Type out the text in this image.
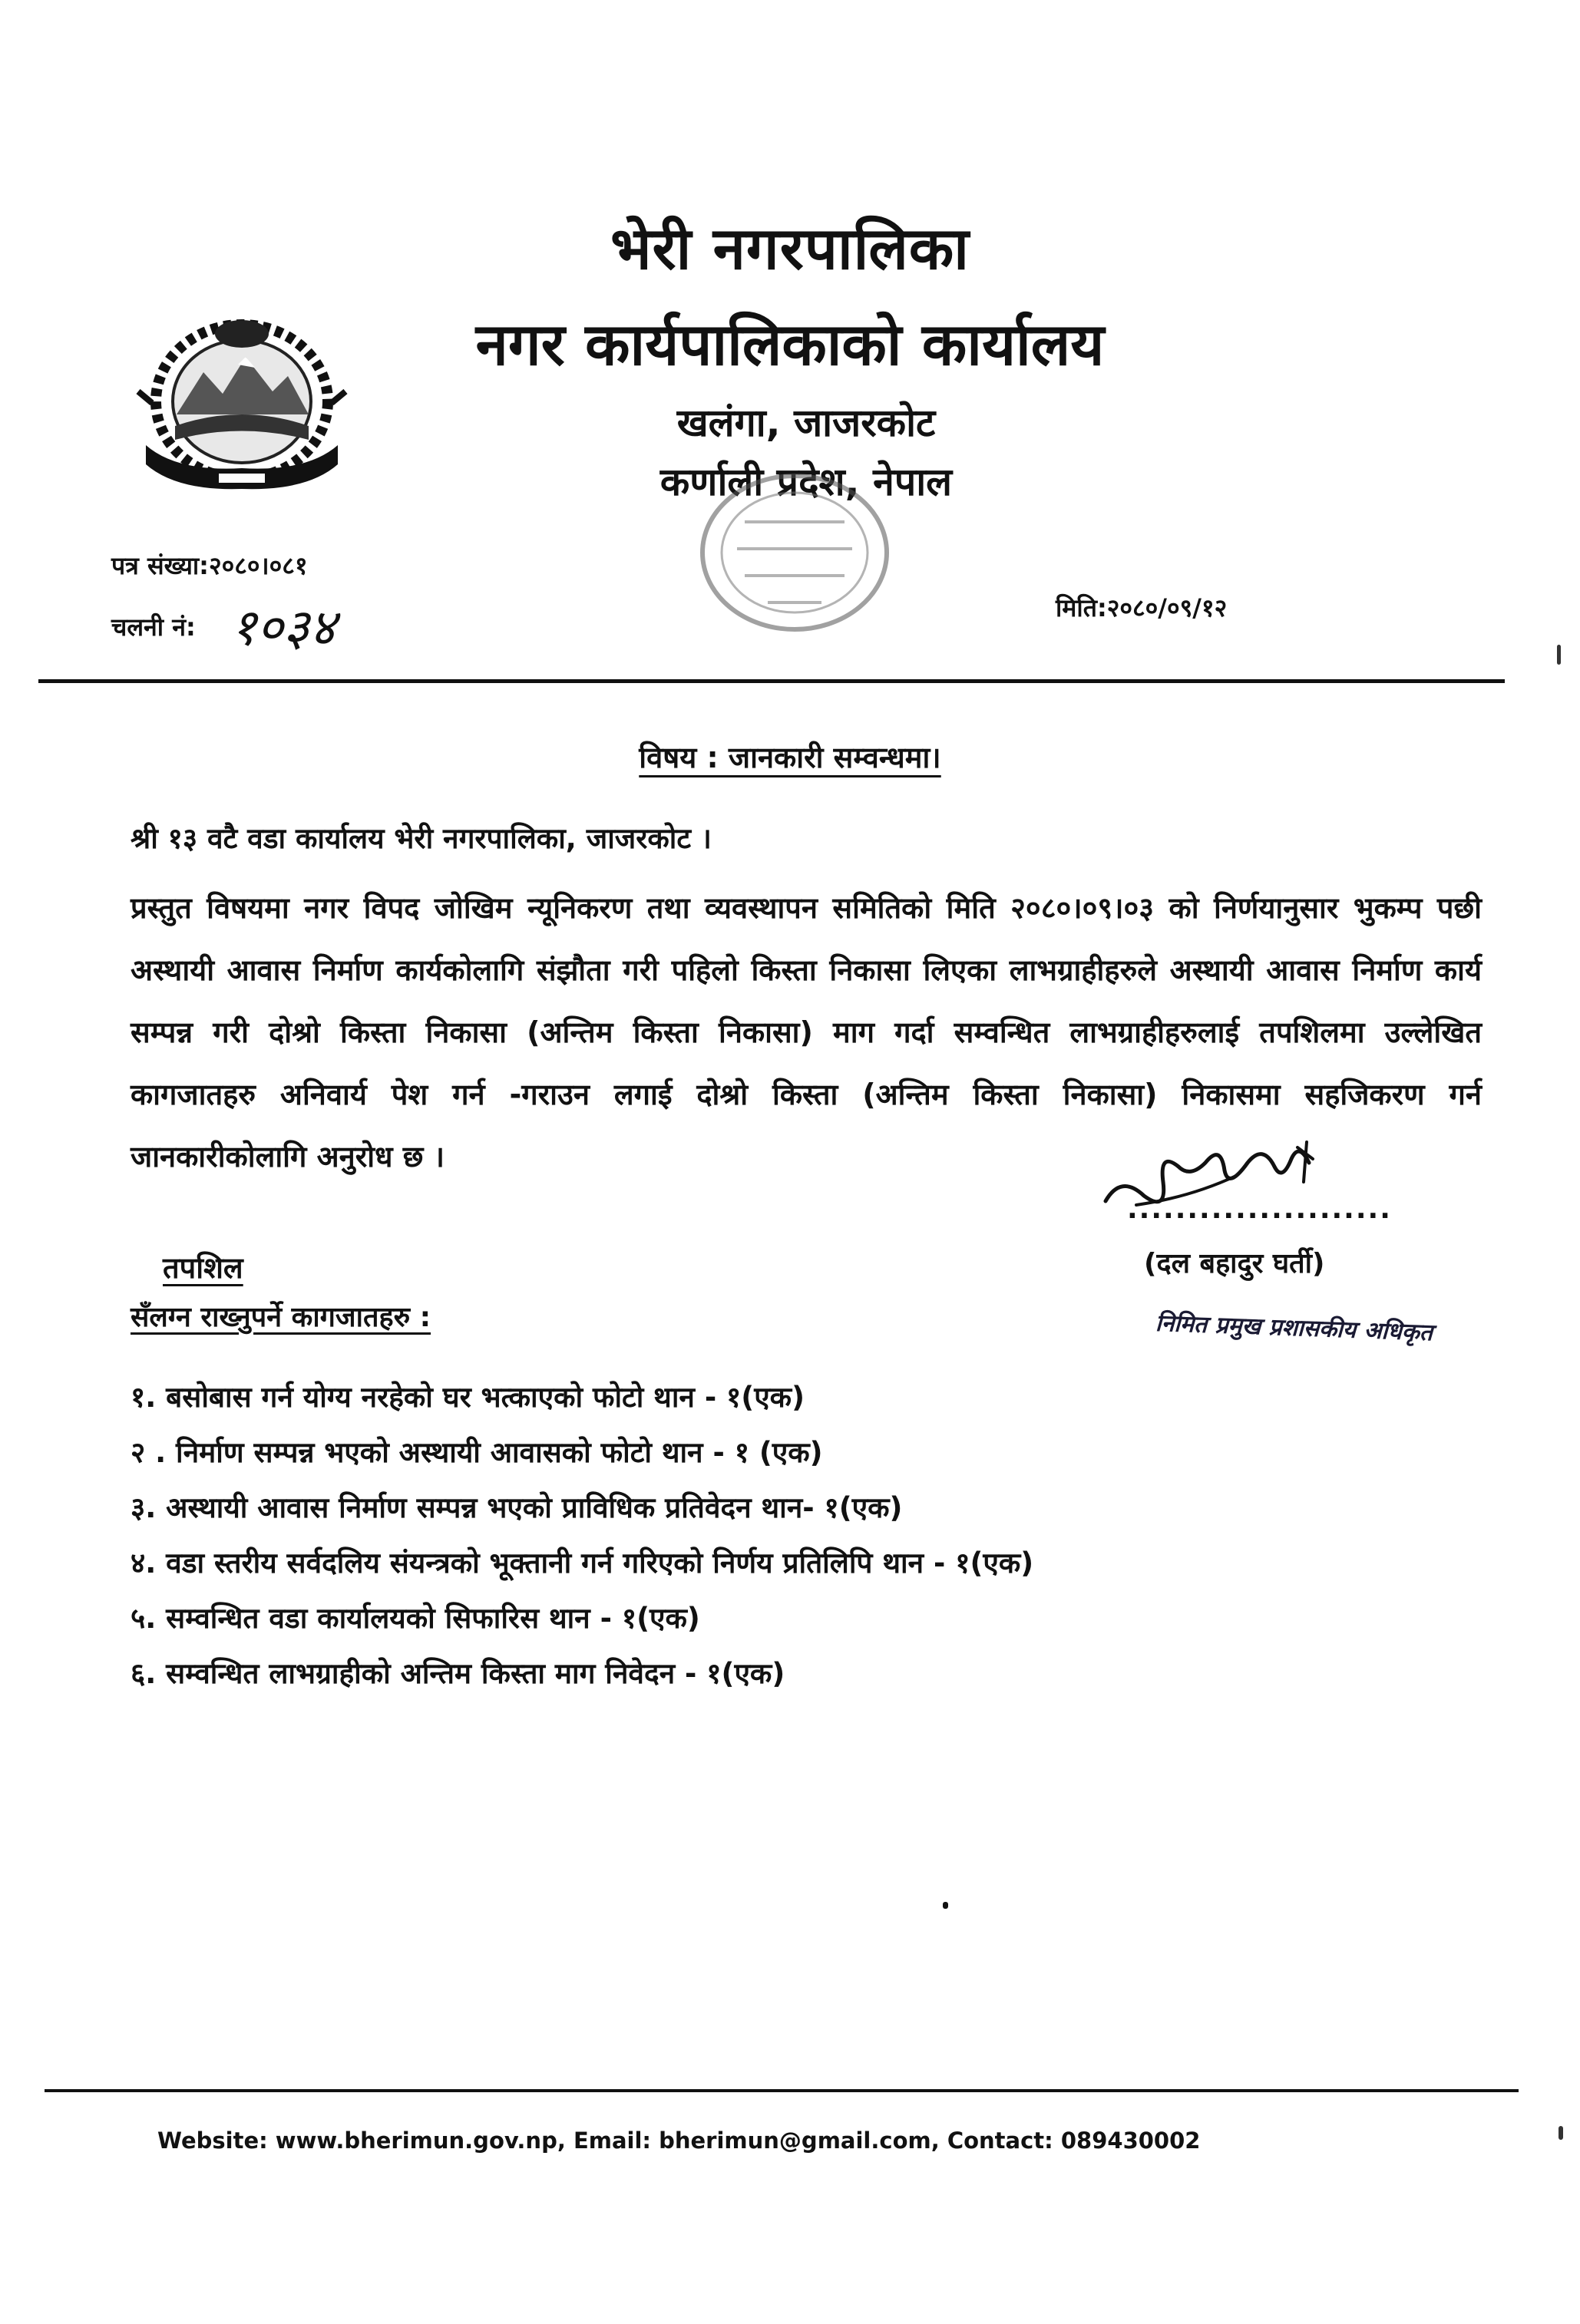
भेरी नगरपालिका
नगर कार्यपालिकाको कार्यालय
खलंगा, जाजरकोट
कर्णाली प्रदेश, नेपाल
पत्र संख्या:२०८०।०८१
चलनी नं: १०३४	मिति:२०८०/०९/१२
विषय : जानकारी सम्वन्धमा।
श्री १३ वटै वडा कार्यालय भेरी नगरपालिका, जाजरकोट ।
प्रस्तुत विषयमा नगर विपद जोखिम न्यूनिकरण तथा व्यवस्थापन समितिको मिति २०८०।०९।०३ को निर्णयानुसार भुकम्प पछी अस्थायी आवास निर्माण कार्यकोलागि संझौता गरी पहिलो किस्ता निकासा लिएका लाभग्राहीहरुले अस्थायी आवास निर्माण कार्य सम्पन्न गरी दोश्रो किस्ता निकासा (अन्तिम किस्ता निकासा) माग गर्दा सम्वन्धित लाभग्राहीहरुलाई तपशिलमा उल्लेखित कागजातहरु अनिवार्य पेश गर्न -गराउन लगाई दोश्रो किस्ता (अन्तिम किस्ता निकासा) निकासमा सहजिकरण गर्न जानकारीकोलागि अनुरोध छ ।
......................
(दल बहादुर घर्ती)
निमित प्रमुख प्रशासकीय अधिकृत
तपशिल
सँलग्न राख्नुपर्ने कागजातहरु :
१. बसोबास गर्न योग्य नरहेको घर भत्काएको फोटो थान - १(एक)
२ . निर्माण सम्पन्न भएको अस्थायी आवासको फोटो थान - १ (एक)
३. अस्थायी आवास निर्माण सम्पन्न भएको प्राविधिक प्रतिवेदन थान- १(एक)
४. वडा स्तरीय सर्वदलिय संयन्त्रको भूक्तानी गर्न गरिएको निर्णय प्रतिलिपि थान - १(एक)
५. सम्वन्धित वडा कार्यालयको सिफारिस थान - १(एक)
६. सम्वन्धित लाभग्राहीको अन्तिम किस्ता माग निवेदन - १(एक)
Website: www.bherimun.gov.np, Email: bherimun@gmail.com, Contact: 089430002
